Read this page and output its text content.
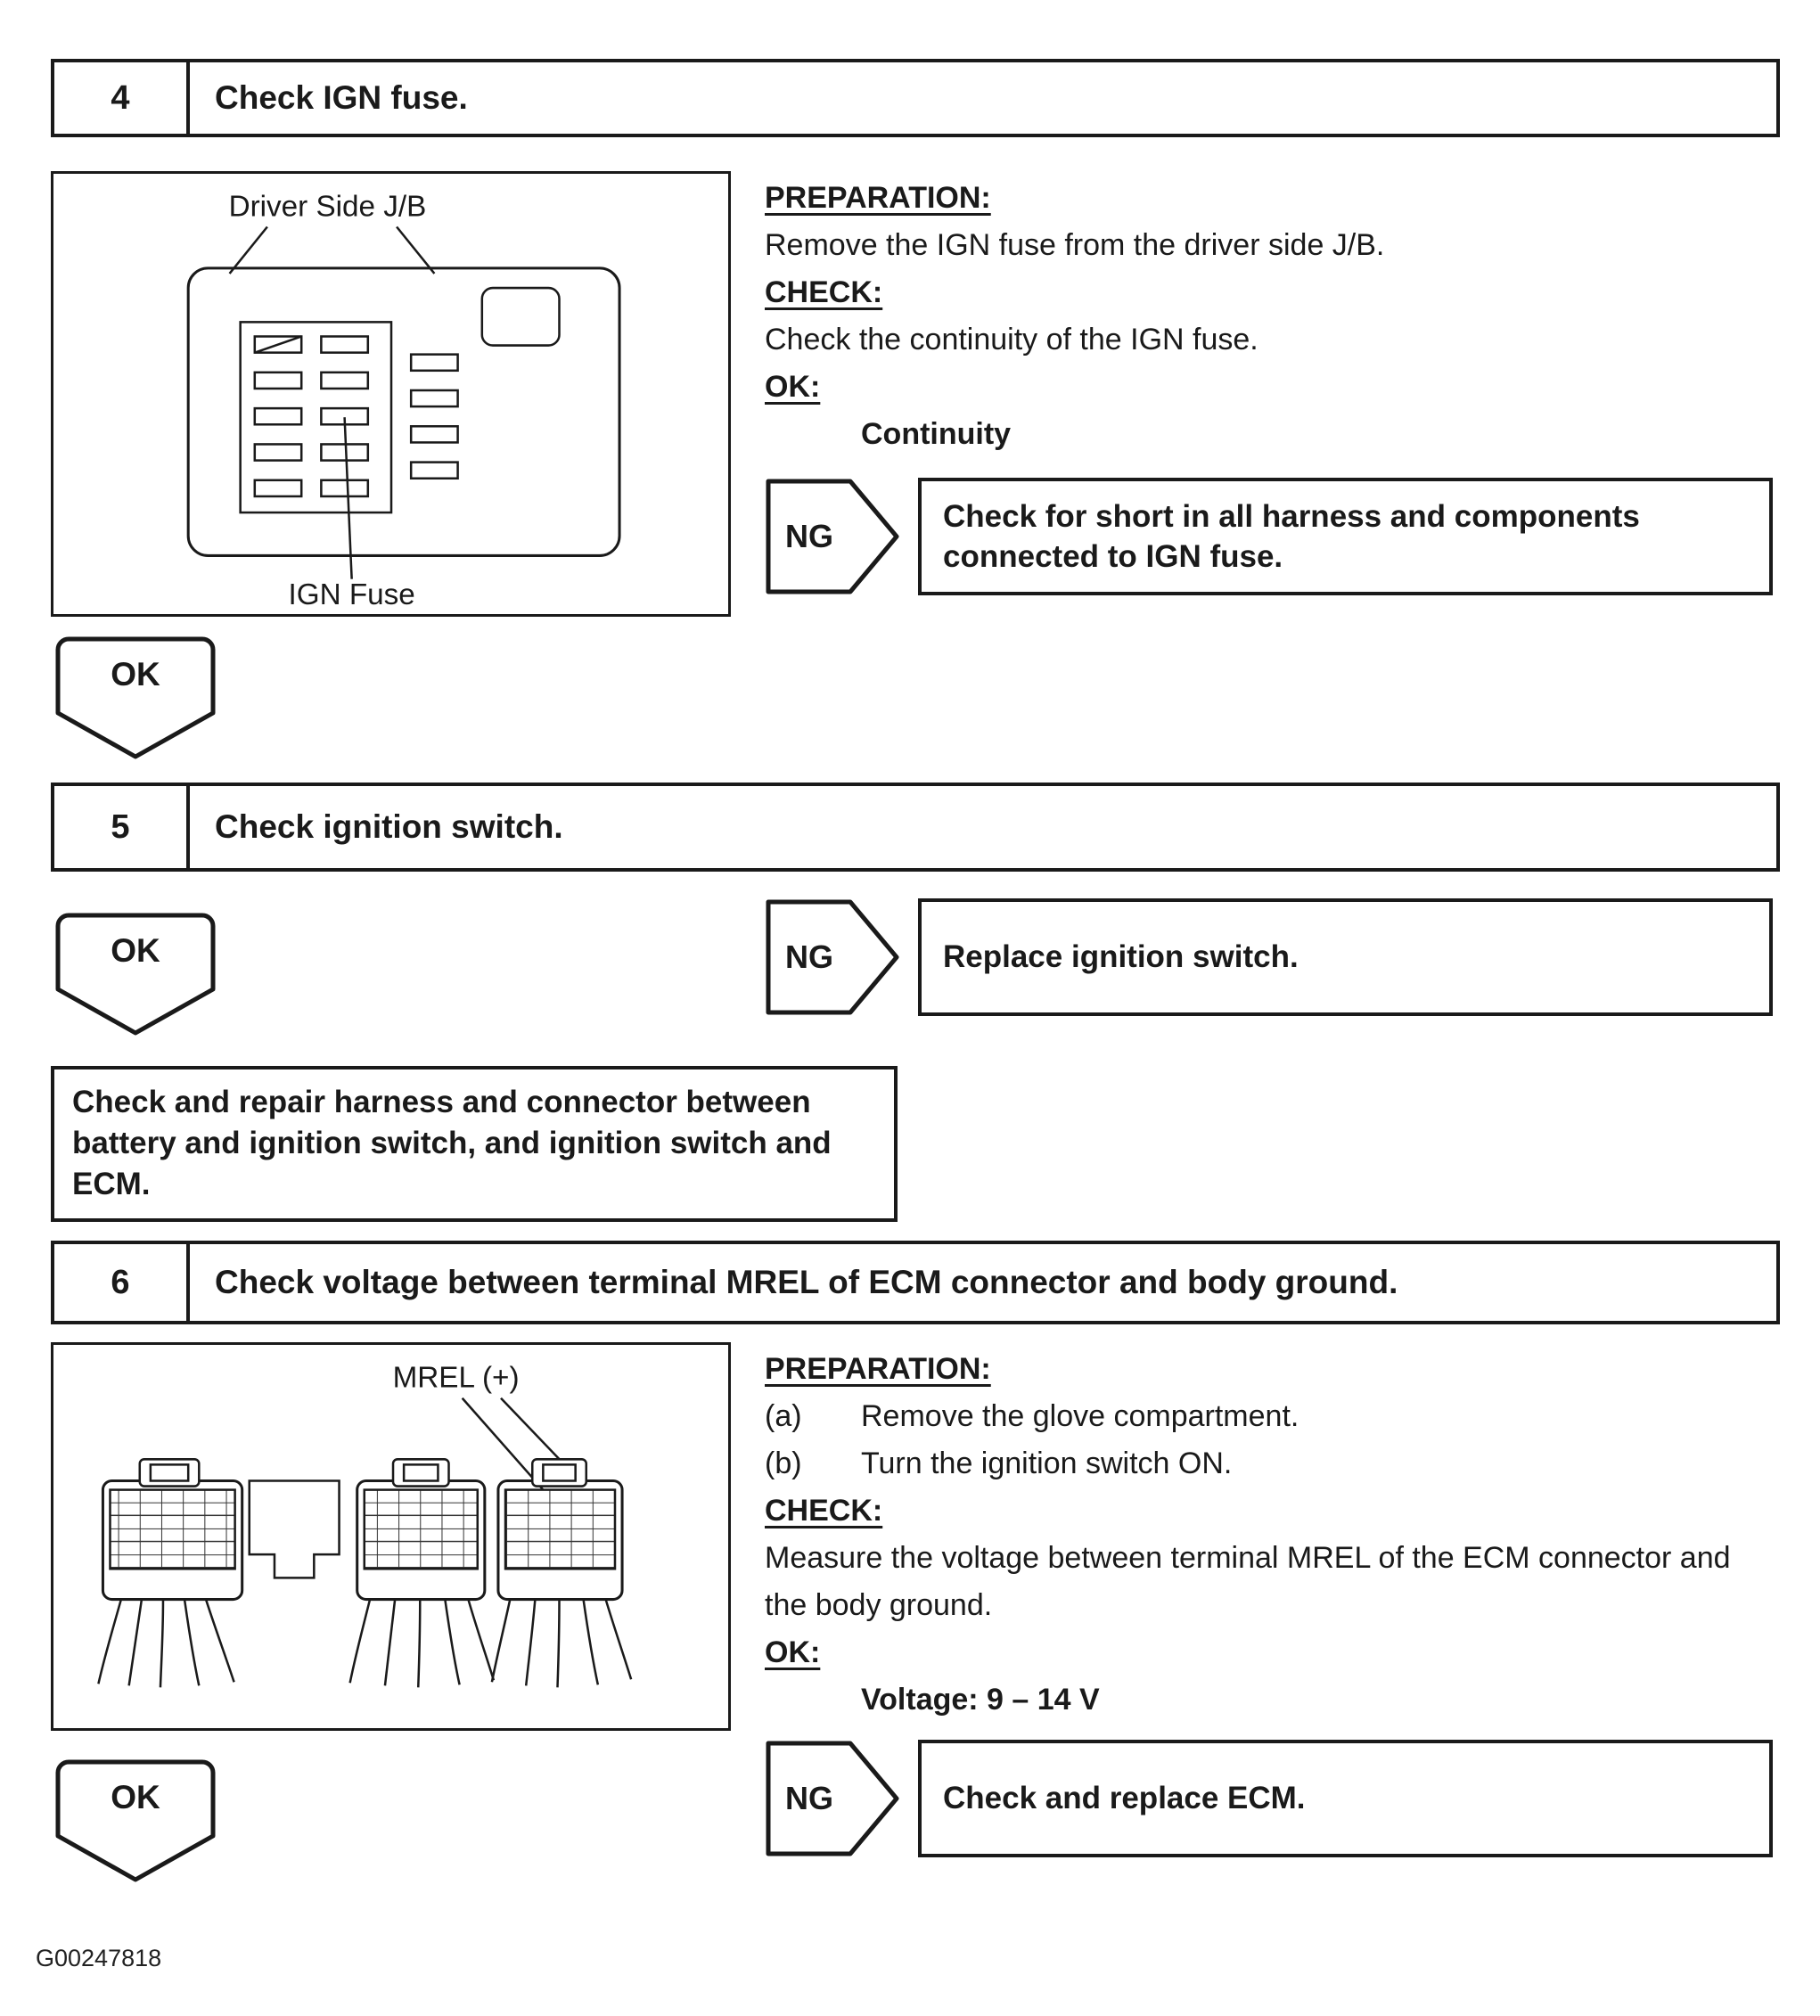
4	Check IGN fuse.
Driver Side J/B
IGN Fuse
PREPARATION:
Remove the IGN fuse from the driver side J/B.
CHECK:
Check the continuity of the IGN fuse.
OK:
Continuity
NG
Check for short in all harness and components connected to IGN fuse.
OK
5	Check ignition switch.
NG	Replace ignition switch.
OK
Check and repair harness and connector between battery and ignition switch, and ignition switch and ECM.
6	Check voltage between terminal MREL of ECM connector and body ground.
MREL (+)	PREPARATION:
(a)	Remove the glove compartment.
(b)	Turn the ignition switch ON.
CHECK:
Measure the voltage between terminal MREL of the ECM connector and the body ground.
OK:
Voltage: 9 – 14 V
NG	Check and replace ECM.
OK
G00247818
